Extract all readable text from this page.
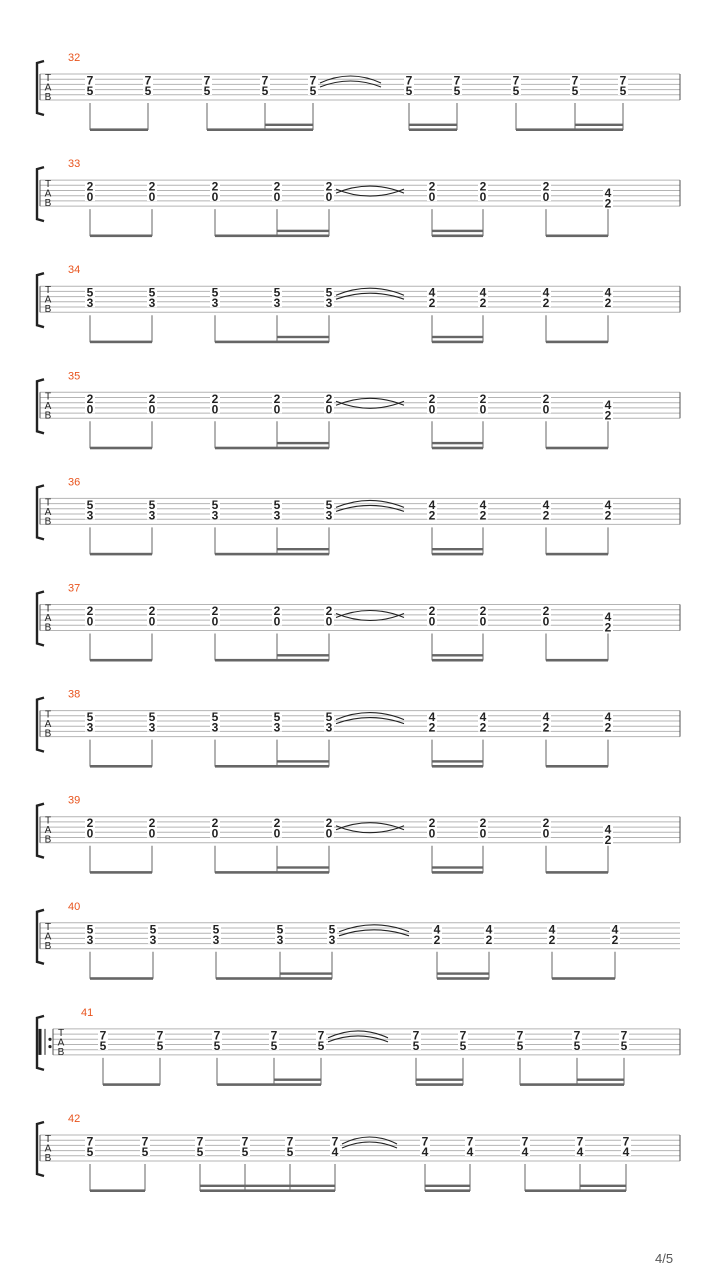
T
A
B
32
7
5
7
5
7
5
7
5
7
5
7
5
7
5
7
5
7
5
7
5
T
A
B
33
2
0
2
0
2
0
2
0
2
0
2
0
2
0
2
0	4
2
T
A
B
34
5
3
5
3
5
3
5
3
5
3
4
2
4
2
4
2
4
2
T
A
B
35
2
0
2
0
2
0
2
0
2
0
2
0
2
0
2
0	4
2
T
A
B
36
5
3
5
3
5
3
5
3
5
3
4
2
4
2
4
2
4
2
T
A
B
37
2
0
2
0
2
0
2
0
2
0
2
0
2
0
2
0	4
2
T
A
B
38
5
3
5
3
5
3
5
3
5
3
4
2
4
2
4
2
4
2
T
A
B
39
2
0
2
0
2
0
2
0
2
0
2
0
2
0
2
0	4
2
T
A
B
40
5
3
5
3
5
3
5
3
5
3
4
2
4
2
4
2
4
2
T
A
B
41
7
5
7
5
7
5
7
5
7
5
7
5
7
5
7
5
7
5
7
5
T
A
B
42
7
5
7
5
7
5
7
5
7
5
7
4
7
4
7
4
7
4
7
4
7
4
4/5
